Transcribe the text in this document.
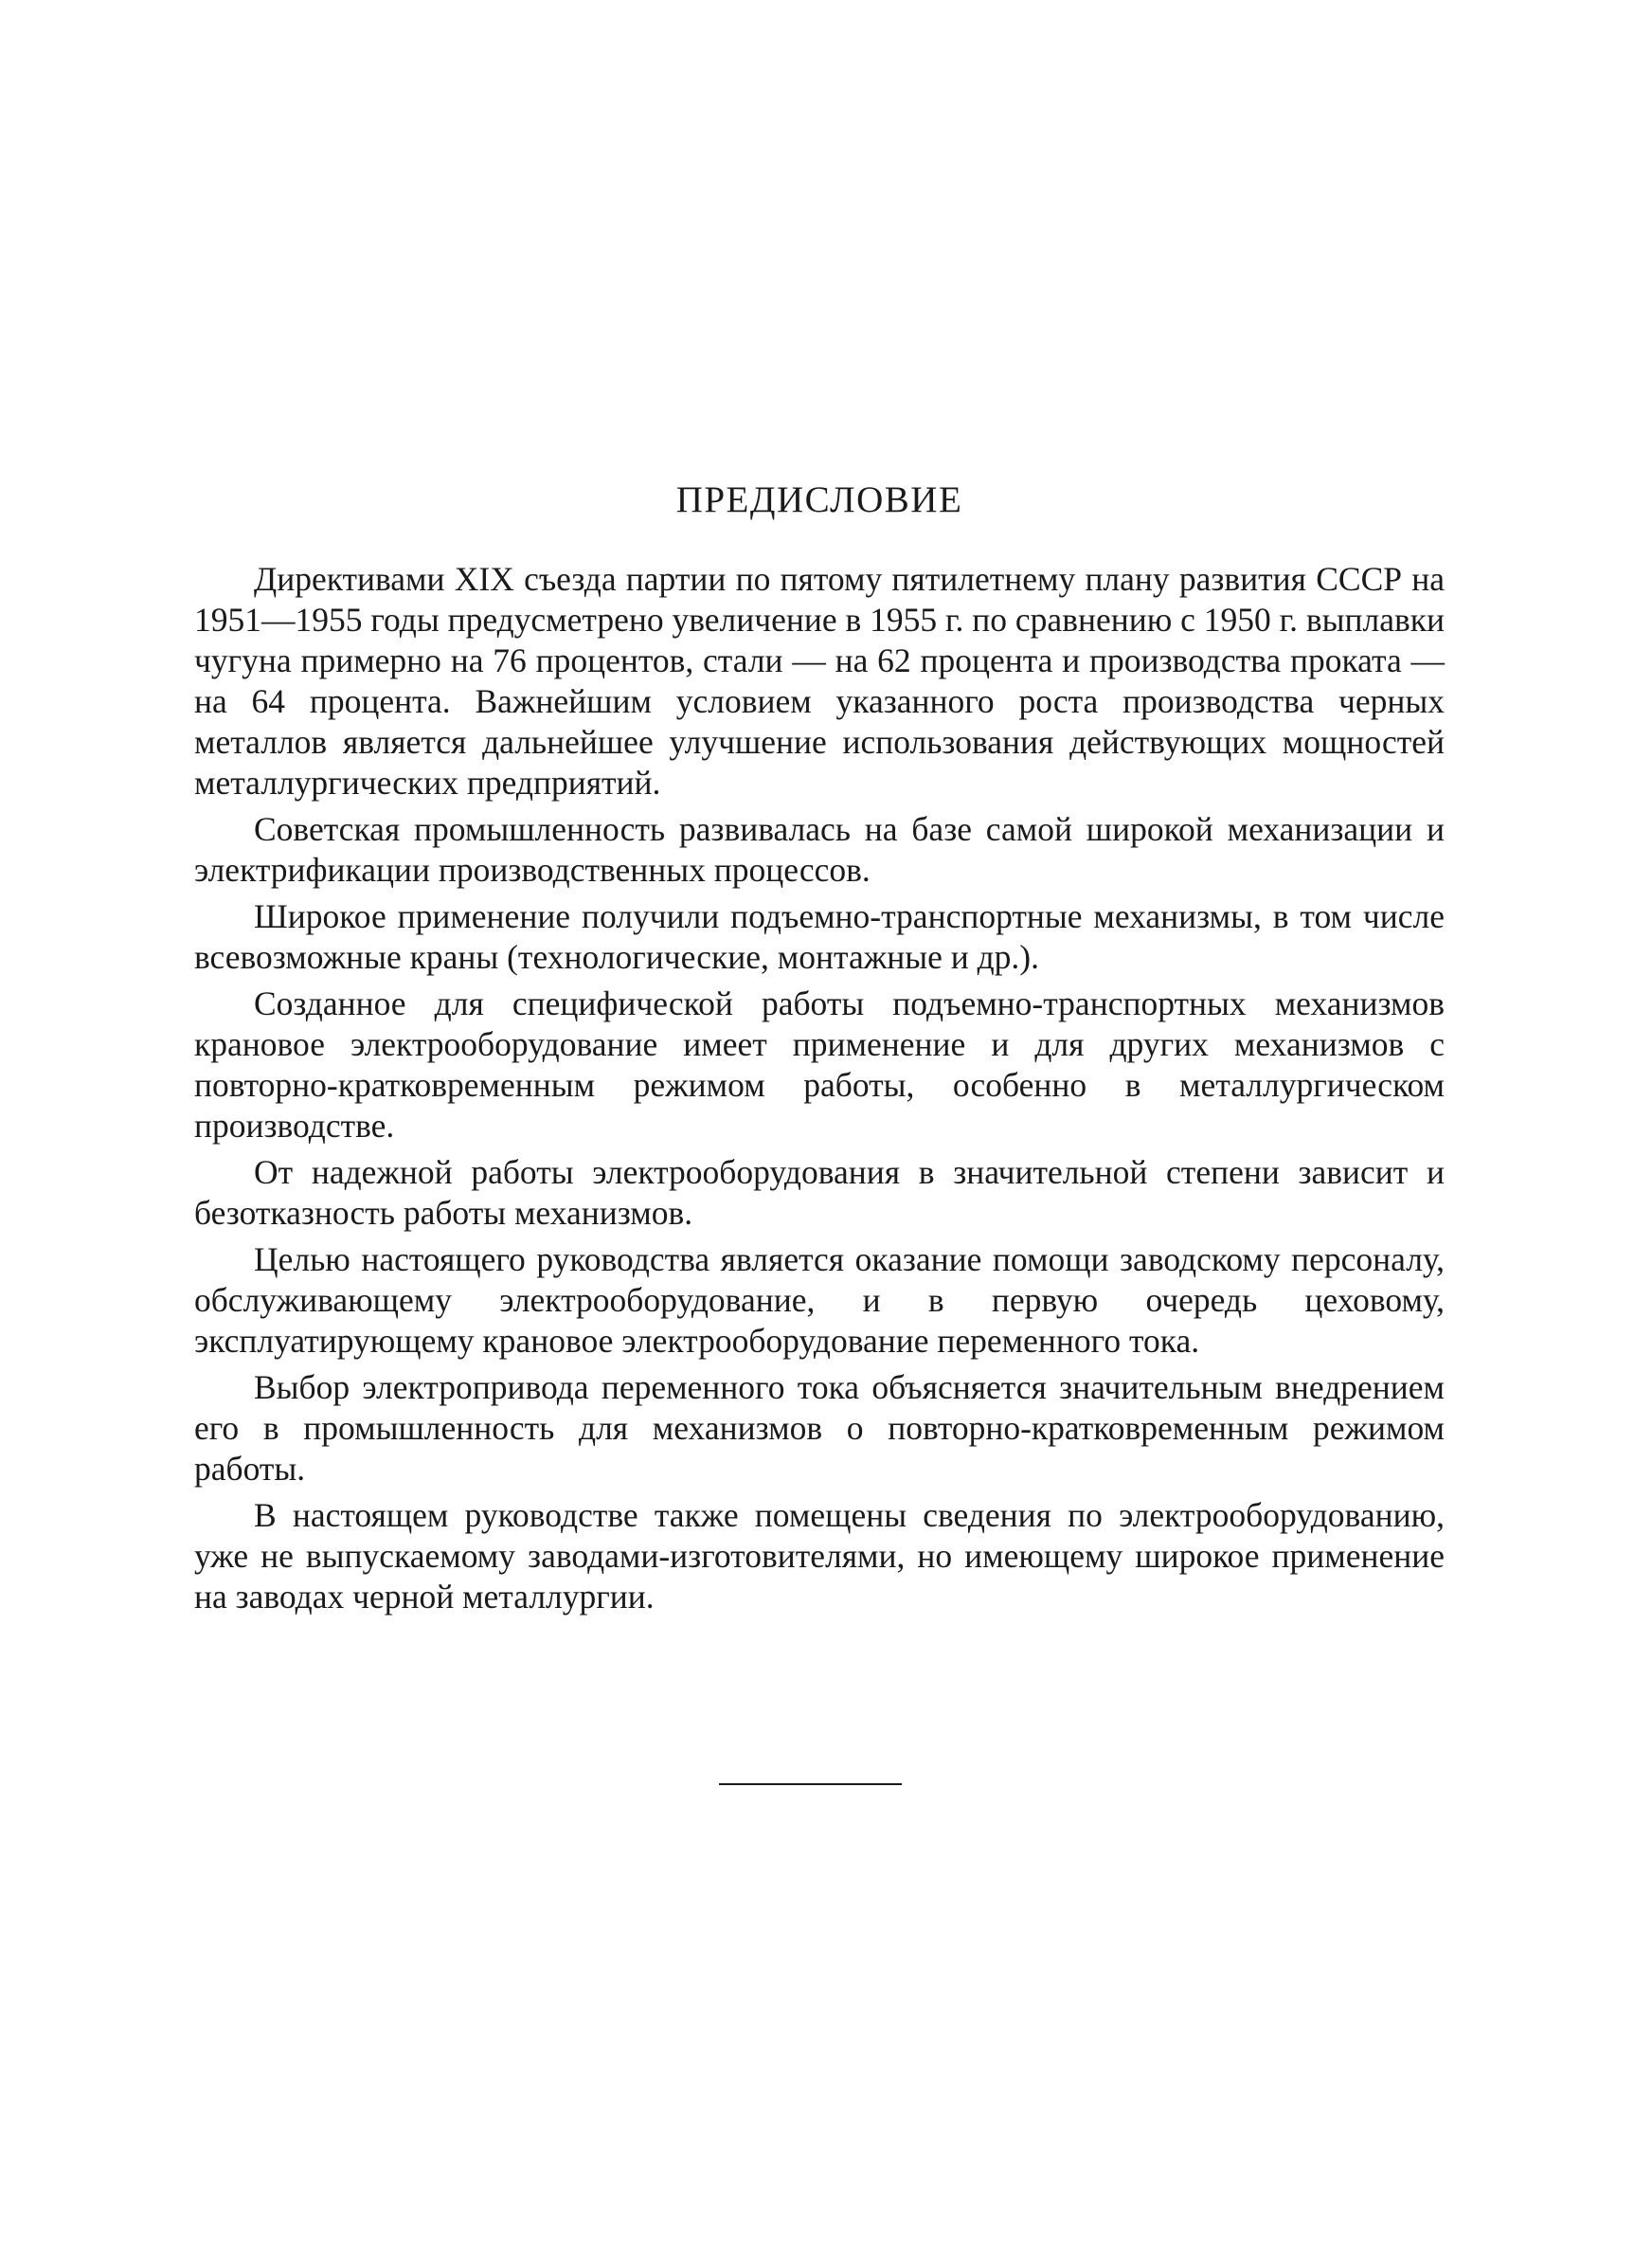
ПРЕДИСЛОВИЕ

Директивами XIX съезда партии по пятому пятилетнему плану развития СССР на 1951—1955 годы предусметрено увеличение в 1955 г. по сравнению с 1950 г. выплавки чугуна примерно на 76 процентов, стали — на 62 процента и производства проката — на 64 процента. Важнейшим условием указанного роста производства черных металлов является дальнейшее улучшение использования действующих мощностей металлургических предприятий.

Советская промышленность развивалась на базе самой широкой механизации и электрификации производственных процессов.

Широкое применение получили подъемно-транспортные механизмы, в том числе всевозможные краны (технологические, монтажные и др.).

Созданное для специфической работы подъемно-транспортных механизмов крановое электрооборудование имеет применение и для других механизмов с повторно-кратковременным режимом работы, особенно в металлургическом производстве.

От надежной работы электрооборудования в значительной степени зависит и безотказность работы механизмов.

Целью настоящего руководства является оказание помощи заводскому персоналу, обслуживающему электрооборудование, и в первую очередь цеховому, эксплуатирующему крановое электрооборудование переменного тока.

Выбор электропривода переменного тока объясняется значительным внедрением его в промышленность для механизмов о повторно-кратковременным режимом работы.

В настоящем руководстве также помещены сведения по электрооборудованию, уже не выпускаемому заводами-изготовителями, но имеющему широкое применение на заводах черной металлургии.
